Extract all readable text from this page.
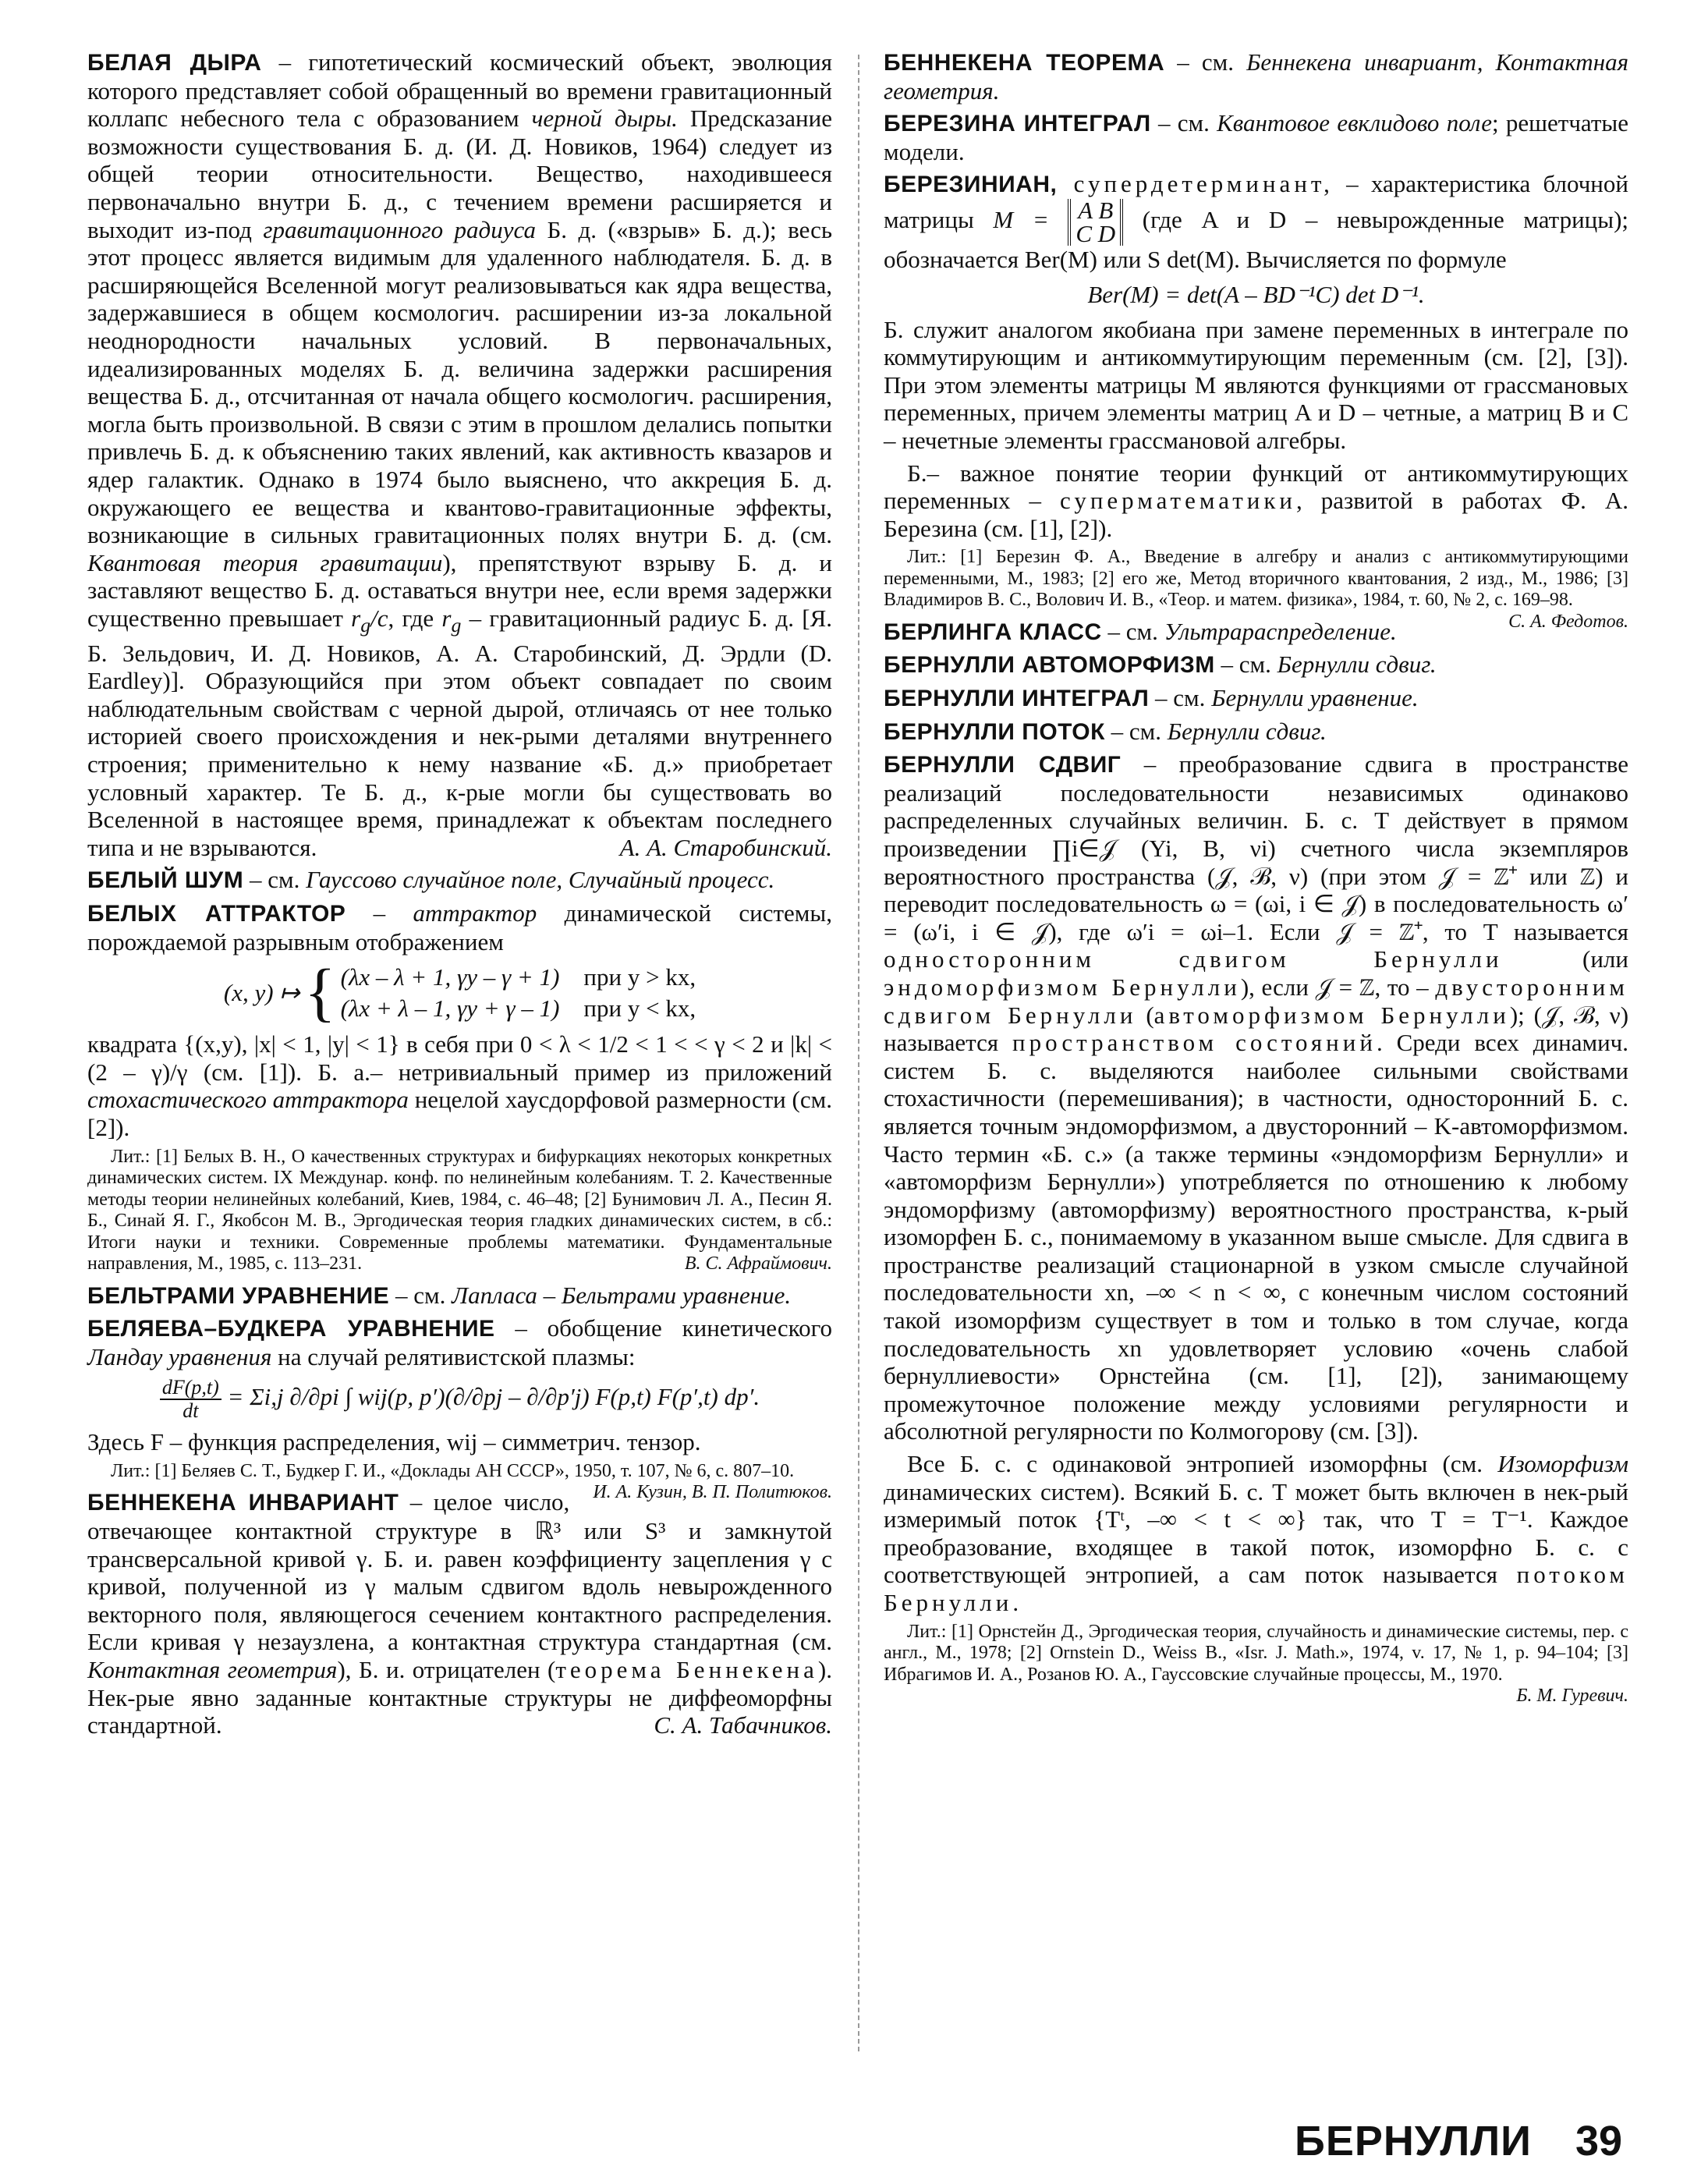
БЕЛАЯ ДЫРА – гипотетический космический объект, эволюция которого представляет собой обращенный во времени гравитационный коллапс небесного тела с образованием черной дыры. Предсказание возможности существования Б. д. (И. Д. Новиков, 1964) следует из общей теории относительности. Вещество, находившееся первоначально внутри Б. д., с течением времени расширяется и выходит из-под гравитационного радиуса Б. д. («взрыв» Б. д.); весь этот процесс является видимым для удаленного наблюдателя. Б. д. в расширяющейся Вселенной могут реализовываться как ядра вещества, задержавшиеся в общем космологич. расширении из-за локальной неоднородности начальных условий. В первоначальных, идеализированных моделях Б. д. величина задержки расширения вещества Б. д., отсчитанная от начала общего космологич. расширения, могла быть произвольной. В связи с этим в прошлом делались попытки привлечь Б. д. к объяснению таких явлений, как активность квазаров и ядер галактик. Однако в 1974 было выяснено, что аккреция Б. д. окружающего ее вещества и квантово-гравитационные эффекты, возникающие в сильных гравитационных полях внутри Б. д. (см. Квантовая теория гравитации), препятствуют взрыву Б. д. и заставляют вещество Б. д. оставаться внутри нее, если время задержки существенно превышает $r_g/c$, где $r_g$ – гравитационный радиус Б. д. [Я. Б. Зельдович, И. Д. Новиков, А. А. Старобинский, Д. Эрдли (D. Eardley)]. Образующийся при этом объект совпадает по своим наблюдательным свойствам с черной дырой, отличаясь от нее только историей своего происхождения и нек-рыми деталями внутреннего строения; применительно к нему название «Б. д.» приобретает условный характер. Те Б. д., к-рые могли бы существовать во Вселенной в настоящее время, принадлежат к объектам последнего типа и не взрываются.	А. А. Старобинский.

БЕЛЫЙ ШУМ – см. Гауссово случайное поле, Случайный процесс.

БЕЛЫХ АТТРАКТОР – аттрактор динамической системы, порождаемой разрывным отображением
(x, y) ↦ { (λx – λ + 1, γy – γ + 1) при y > kx,
(λx + λ – 1, γy + γ – 1) при y < kx,
квадрата {(x,y), |x| < 1, |y| < 1} в себя при 0 < λ < 1/2 < 1 < < γ < 2 и |k| < (2 – γ)/γ (см. [1]). Б. а.– нетривиальный пример из приложений стохастического аттрактора нецелой хаусдорфовой размерности (см. [2]).

Лит.: [1] Белых В. Н., О качественных структурах и бифуркациях некоторых конкретных динамических систем. IX Междунар. конф. по нелинейным колебаниям. Т. 2. Качественные методы теории нелинейных колебаний, Киев, 1984, с. 46–48; [2] Бунимович Л. А., Песин Я. Б., Синай Я. Г., Якобсон М. В., Эргодическая теория гладких динамических систем, в сб.: Итоги науки и техники. Современные проблемы математики. Фундаментальные направления, М., 1985, с. 113–231.	В. С. Афраймович.

БЕЛЬТРАМИ УРАВНЕНИЕ – см. Лапласа – Бельтрами уравнение.

БЕЛЯЕВА–БУДКЕРА УРАВНЕНИЕ – обобщение кинетического Ландау уравнения на случай релятивистской плазмы:
$\frac{dF(p,t)}{dt} = \Sigma i,j$ ∂/∂pi ∫ wij(p, p′)(∂/∂pj – ∂/∂p′j) F(p,t) F(p′,t) dp′.
Здесь F – функция распределения, wij – симметрич. тензор.

Лит.: [1] Беляев С. Т., Будкер Г. И., «Доклады АН СССР», 1950, т. 107, № 6, с. 807–10.
И. А. Кузин, В. П. Политюков.

БЕННЕКЕНА ИНВАРИАНТ – целое число, отвечающее контактной структуре в ℝ³ или S³ и замкнутой трансверсальной кривой γ. Б. и. равен коэффициенту зацепления γ с кривой, полученной из γ малым сдвигом вдоль невырожденного векторного поля, являющегося сечением контактного распределения. Если кривая γ незаузлена, а контактная структура стандартная (см. Контактная геометрия), Б. и. отрицателен (теорема Беннекена). Нек-рые явно заданные контактные структуры не диффеоморфны стандартной.	С. А. Табачников.

БЕННЕКЕНА ТЕОРЕМА – см. Беннекена инвариант, Контактная геометрия.

БЕРЕЗИНА ИНТЕГРАЛ – см. Квантовое евклидово поле; решетчатые модели.

БЕРЕЗИНИАН, супердетерминант, – характеристика блочной матрицы M = A B
C D (где A и D – невырожденные матрицы); обозначается Ber(M) или S det(M). Вычисляется по формуле
Ber(M) = det(A – BD⁻¹C) det D⁻¹.
Б. служит аналогом якобиана при замене переменных в интеграле по коммутирующим и антикоммутирующим переменным (см. [2], [3]). При этом элементы матрицы M являются функциями от грассмановых переменных, причем элементы матриц A и D – четные, а матриц B и C – нечетные элементы грассмановой алгебры.

Б.– важное понятие теории функций от антикоммутирующих переменных – суперматематики, развитой в работах Ф. А. Березина (см. [1], [2]).

Лит.: [1] Березин Ф. А., Введение в алгебру и анализ с антикоммутирующими переменными, М., 1983; [2] его же, Метод вторичного квантования, 2 изд., М., 1986; [3] Владимиров В. С., Волович И. В., «Теор. и матем. физика», 1984, т. 60, № 2, с. 169–98.
С. А. Федотов.

БЕРЛИНГА КЛАСС – см. Ультрараспределение.

БЕРНУЛЛИ АВТОМОРФИЗМ – см. Бернулли сдвиг.

БЕРНУЛЛИ ИНТЕГРАЛ – см. Бернулли уравнение.

БЕРНУЛЛИ ПОТОК – см. Бернулли сдвиг.

БЕРНУЛЛИ СДВИГ – преобразование сдвига в пространстве реализаций последовательности независимых одинаково распределенных случайных величин. Б. с. T действует в прямом произведении ∏i∈𝒥 (Yi, B, νi) счетного числа экземпляров вероятностного пространства (𝒥, ℬ, ν) (при этом 𝒥 = ℤ⁺ или ℤ) и переводит последовательность ω = (ωi, i ∈ 𝒥) в последовательность ω′ = (ω′i, i ∈ 𝒥), где ω′i = ωi–1. Если 𝒥 = ℤ⁺, то T называется односторонним сдвигом Бернулли (или эндоморфизмом Бернулли), если 𝒥 = ℤ, то – двусторонним сдвигом Бернулли (автоморфизмом Бернулли); (𝒥, ℬ, ν) называется пространством состояний. Среди всех динамич. систем Б. с. выделяются наиболее сильными свойствами стохастичности (перемешивания); в частности, односторонний Б. с. является точным эндоморфизмом, а двусторонний – K-автоморфизмом. Часто термин «Б. с.» (а также термины «эндоморфизм Бернулли» и «автоморфизм Бернулли») употребляется по отношению к любому эндоморфизму (автоморфизму) вероятностного пространства, к-рый изоморфен Б. с., понимаемому в указанном выше смысле. Для сдвига в пространстве реализаций стационарной в узком смысле случайной последовательности xn, –∞ < n < ∞, с конечным числом состояний такой изоморфизм существует в том и только в том случае, когда последовательность xn удовлетворяет условию «очень слабой бернуллиевости» Орнстейна (см. [1], [2]), занимающему промежуточное положение между условиями регулярности и абсолютной регулярности по Колмогорову (см. [3]).

Все Б. с. с одинаковой энтропией изоморфны (см. Изоморфизм динамических систем). Всякий Б. с. T может быть включен в нек-рый измеримый поток {Tᵗ, –∞ < t < ∞} так, что T = T⁻¹. Каждое преобразование, входящее в такой поток, изоморфно Б. с. с соответствующей энтропией, а сам поток называется потоком Бернулли.

Лит.: [1] Орнстейн Д., Эргодическая теория, случайность и динамические системы, пер. с англ., М., 1978; [2] Ornstein D., Weiss B., «Isr. J. Math.», 1974, v. 17, № 1, p. 94–104; [3] Ибрагимов И. А., Розанов Ю. А., Гауссовские случайные процессы, М., 1970.
Б. М. Гуревич.

БЕРНУЛЛИ 39
